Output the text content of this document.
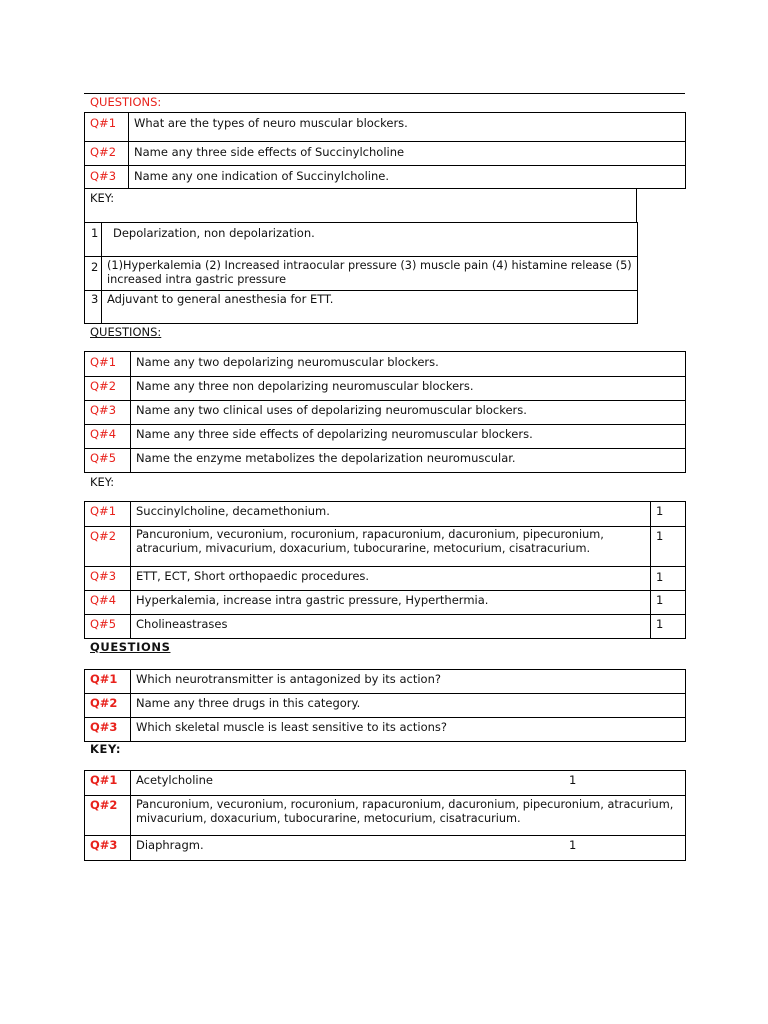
QUESTIONS:
Q#1	What are the types of neuro muscular blockers.
Q#2	Name any three side effects of Succinylcholine
Q#3	Name any one indication of Succinylcholine.
KEY:
1	Depolarization, non depolarization.
2	(1)Hyperkalemia (2) Increased intraocular pressure (3) muscle pain (4) histamine release (5) increased intra gastric pressure
3	Adjuvant to general anesthesia for ETT.
QUESTIONS:
Q#1	Name any two depolarizing neuromuscular blockers.
Q#2	Name any three non depolarizing neuromuscular blockers.
Q#3	Name any two clinical uses of depolarizing neuromuscular blockers.
Q#4	Name any three side effects of depolarizing neuromuscular blockers.
Q#5	Name the enzyme metabolizes the depolarization neuromuscular.
KEY:
Q#1	Succinylcholine, decamethonium.	1
Q#2	Pancuronium, vecuronium, rocuronium, rapacuronium, dacuronium, pipecuronium, atracurium, mivacurium, doxacurium, tubocurarine, metocurium, cisatracurium.	1
Q#3	ETT, ECT, Short orthopaedic procedures.	1
Q#4	Hyperkalemia, increase intra gastric pressure, Hyperthermia.	1
Q#5	Cholineastrases	1
QUESTIONS
Q#1	Which neurotransmitter is antagonized by its action?
Q#2	Name any three drugs in this category.
Q#3	Which skeletal muscle is least sensitive to its actions?
KEY:
Q#1	Acetylcholine 1

Q#2	Pancuronium, vecuronium, rocuronium, rapacuronium, dacuronium, pipecuronium, atracurium, mivacurium, doxacurium, tubocurarine, metocurium, cisatracurium.
Q#3	Diaphragm. 1
